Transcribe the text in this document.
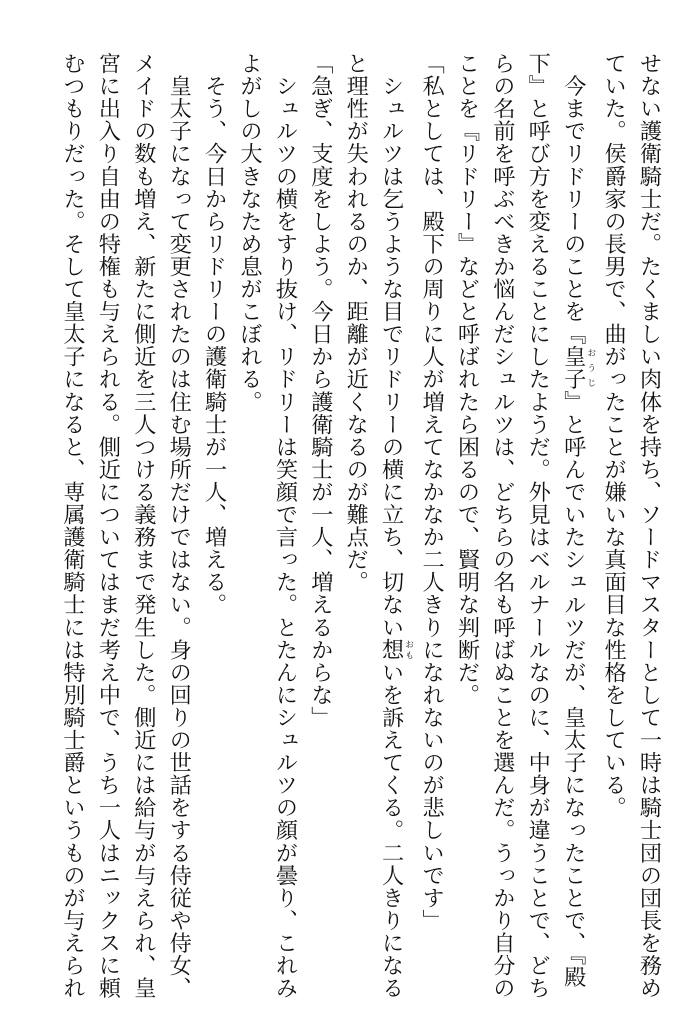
せない護衛騎士だ。たくましい肉体を持ち、ソードマスターとして一時は騎士団の団長を務め
ていた。侯爵家の長男で、曲がったことが嫌いな真面目な性格をしている。
　今までリドリーのことを『皇子 おうじ』と呼んでいたシュルツだが、皇太子になったことで、『殿
下』と呼び方を変えることにしたようだ。外見はベルナールなのに、中身が違うことで、どち
らの名前を呼ぶべきか悩んだシュルツは、どちらの名も呼ばぬことを選んだ。うっかり自分の
ことを『リドリー』などと呼ばれたら困るので、賢明な判断だ。
「私としては、殿下の周りに人が増えてなかなか二人きりになれないのが悲しいです」
　シュルツは乞うような目でリドリーの横に立ち、切ない想 おもいを訴えてくる。二人きりになる
と理性が失われるのか、距離が近くなるのが難点だ。
「急ぎ、支度をしよう。今日から護衛騎士が一人、増えるからな」
　シュルツの横をすり抜け、リドリーは笑顔で言った。とたんにシュルツの顔が曇り、これみ
よがしの大きなため息がこぼれる。
　そう、今日からリドリーの護衛騎士が一人、増える。
　皇太子になって変更されたのは住む場所だけではない。身の回りの世話をする侍従や侍女、
メイドの数も増え、新たに側近を三人つける義務まで発生した。側近には給与が与えられ、皇
宮に出入り自由の特権も与えられる。側近についてはまだ考え中で、うち一人はニックスに頼
むつもりだった。そして皇太子になると、専属護衛騎士には特別騎士爵というものが与えられ
